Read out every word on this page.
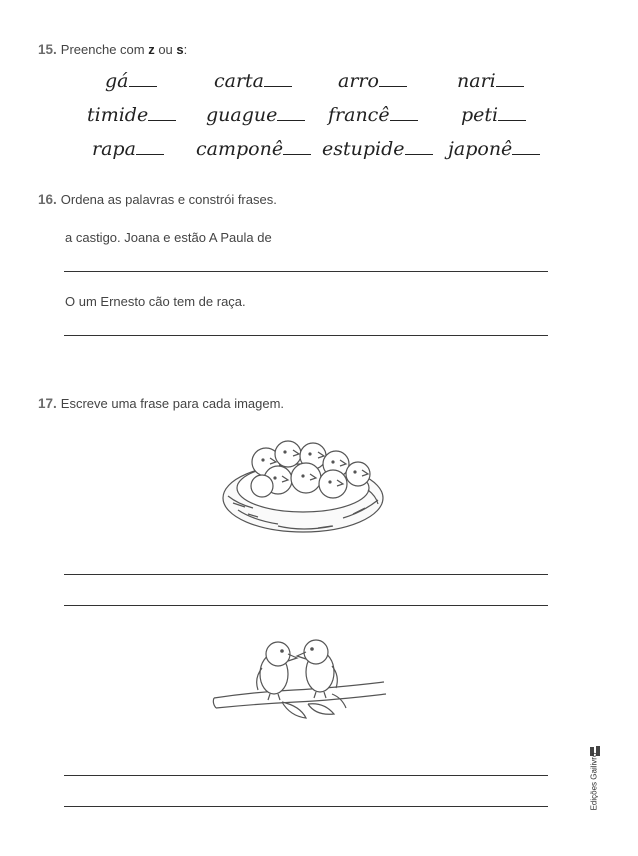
15. Preenche com z ou s:
gá	carta	arro	nari
timide	guague	francê	peti
rapa	camponê	estupide	japonê
16. Ordena as palavras e constrói frases.
a castigo. Joana e estão A Paula de
O um Ernesto cão tem de raça.
17. Escreve uma frase para cada imagem.
Edições Gailivro
